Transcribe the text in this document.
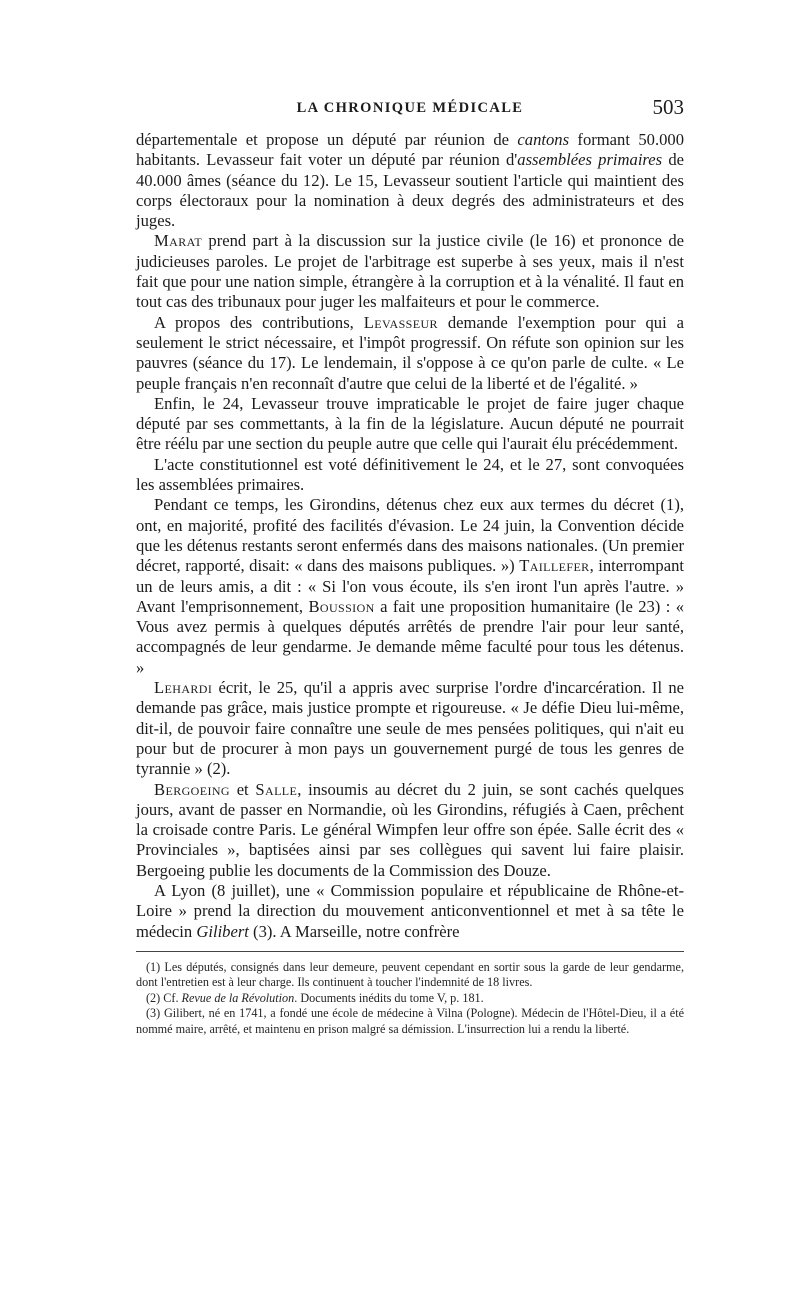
LA CHRONIQUE MÉDICALE	503

départementale et propose un député par réunion de cantons formant 50.000 habitants. Levasseur fait voter un député par réunion d'assemblées primaires de 40.000 âmes (séance du 12). Le 15, Levasseur soutient l'article qui maintient des corps électoraux pour la nomination à deux degrés des administrateurs et des juges.

Marat prend part à la discussion sur la justice civile (le 16) et prononce de judicieuses paroles. Le projet de l'arbitrage est superbe à ses yeux, mais il n'est fait que pour une nation simple, étrangère à la corruption et à la vénalité. Il faut en tout cas des tribunaux pour juger les malfaiteurs et pour le commerce.

A propos des contributions, Levasseur demande l'exemption pour qui a seulement le strict nécessaire, et l'impôt progressif. On réfute son opinion sur les pauvres (séance du 17). Le lendemain, il s'oppose à ce qu'on parle de culte. « Le peuple français n'en reconnaît d'autre que celui de la liberté et de l'égalité. »

Enfin, le 24, Levasseur trouve impraticable le projet de faire juger chaque député par ses commettants, à la fin de la législature. Aucun député ne pourrait être réélu par une section du peuple autre que celle qui l'aurait élu précédemment.

L'acte constitutionnel est voté définitivement le 24, et le 27, sont convoquées les assemblées primaires.

Pendant ce temps, les Girondins, détenus chez eux aux termes du décret (1), ont, en majorité, profité des facilités d'évasion. Le 24 juin, la Convention décide que les détenus restants seront enfermés dans des maisons nationales. (Un premier décret, rapporté, disait: « dans des maisons publiques. ») Taillefer, interrompant un de leurs amis, a dit : « Si l'on vous écoute, ils s'en iront l'un après l'autre. » Avant l'emprisonnement, Boussion a fait une proposition humanitaire (le 23) : « Vous avez permis à quelques députés arrêtés de prendre l'air pour leur santé, accompagnés de leur gendarme. Je demande même faculté pour tous les détenus. »

Lehardi écrit, le 25, qu'il a appris avec surprise l'ordre d'incarcération. Il ne demande pas grâce, mais justice prompte et rigoureuse. « Je défie Dieu lui-même, dit-il, de pouvoir faire connaître une seule de mes pensées politiques, qui n'ait eu pour but de procurer à mon pays un gouvernement purgé de tous les genres de tyrannie » (2).

Bergoeing et Salle, insoumis au décret du 2 juin, se sont cachés quelques jours, avant de passer en Normandie, où les Girondins, réfugiés à Caen, prêchent la croisade contre Paris. Le général Wimpfen leur offre son épée. Salle écrit des « Provinciales », baptisées ainsi par ses collègues qui savent lui faire plaisir. Bergoeing publie les documents de la Commission des Douze.

A Lyon (8 juillet), une « Commission populaire et républicaine de Rhône-et-Loire » prend la direction du mouvement anticonventionnel et met à sa tête le médecin Gilibert (3). A Marseille, notre confrère

(1) Les députés, consignés dans leur demeure, peuvent cependant en sortir sous la garde de leur gendarme, dont l'entretien est à leur charge. Ils continuent à toucher l'indemnité de 18 livres.

(2) Cf. Revue de la Révolution. Documents inédits du tome V, p. 181.

(3) Gilibert, né en 1741, a fondé une école de médecine à Vilna (Pologne). Médecin de l'Hôtel-Dieu, il a été nommé maire, arrêté, et maintenu en prison malgré sa démission. L'insurrection lui a rendu la liberté.
